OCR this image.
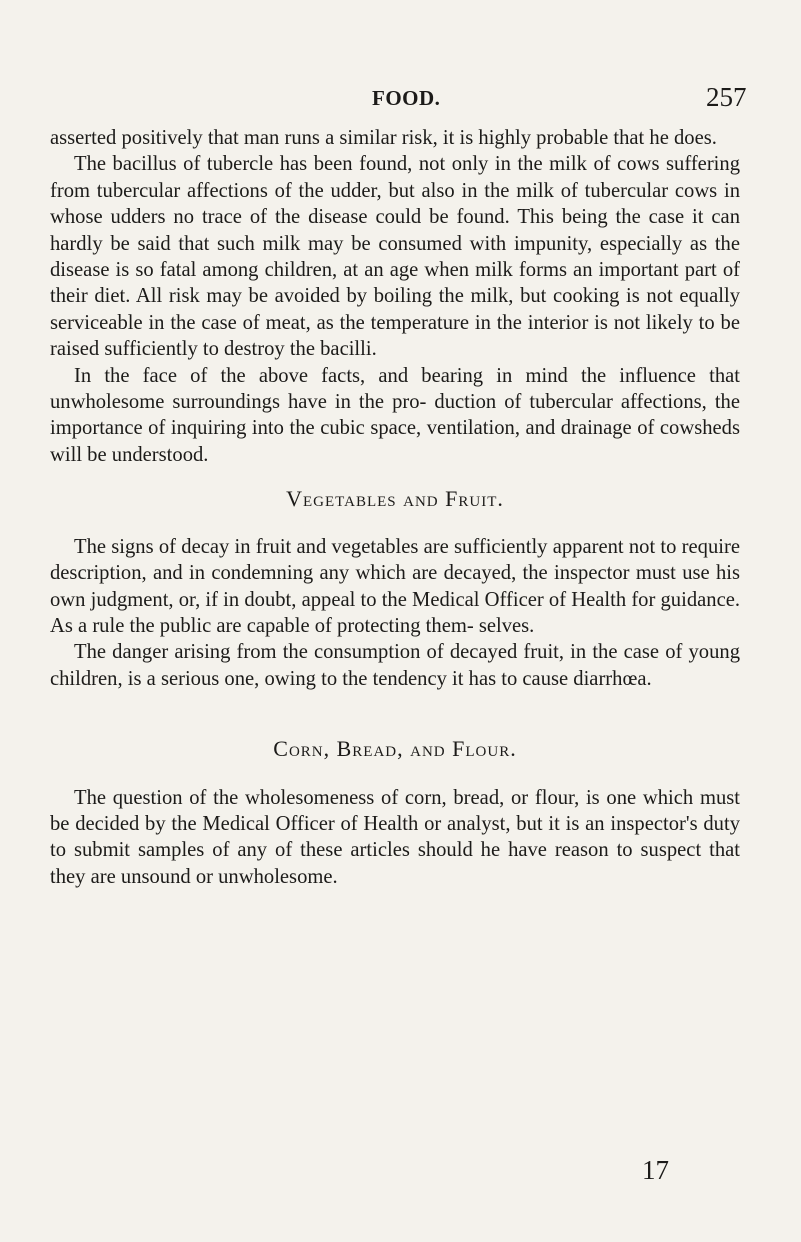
FOOD.	257

asserted positively that man runs a similar risk, it is highly probable that he does.

The bacillus of tubercle has been found, not only in the milk of cows suffering from tubercular affections of the udder, but also in the milk of tubercular cows in whose udders no trace of the disease could be found. This being the case it can hardly be said that such milk may be consumed with impunity, especially as the disease is so fatal among children, at an age when milk forms an important part of their diet. All risk may be avoided by boiling the milk, but cooking is not equally serviceable in the case of meat, as the temperature in the interior is not likely to be raised sufficiently to destroy the bacilli.

In the face of the above facts, and bearing in mind the influence that unwholesome surroundings have in the pro- duction of tubercular affections, the importance of inquiring into the cubic space, ventilation, and drainage of cowsheds will be understood.

Vegetables and Fruit.

The signs of decay in fruit and vegetables are sufficiently apparent not to require description, and in condemning any which are decayed, the inspector must use his own judgment, or, if in doubt, appeal to the Medical Officer of Health for guidance. As a rule the public are capable of protecting them- selves.

The danger arising from the consumption of decayed fruit, in the case of young children, is a serious one, owing to the tendency it has to cause diarrhœa.

Corn, Bread, and Flour.

The question of the wholesomeness of corn, bread, or flour, is one which must be decided by the Medical Officer of Health or analyst, but it is an inspector's duty to submit samples of any of these articles should he have reason to suspect that they are unsound or unwholesome.

17
